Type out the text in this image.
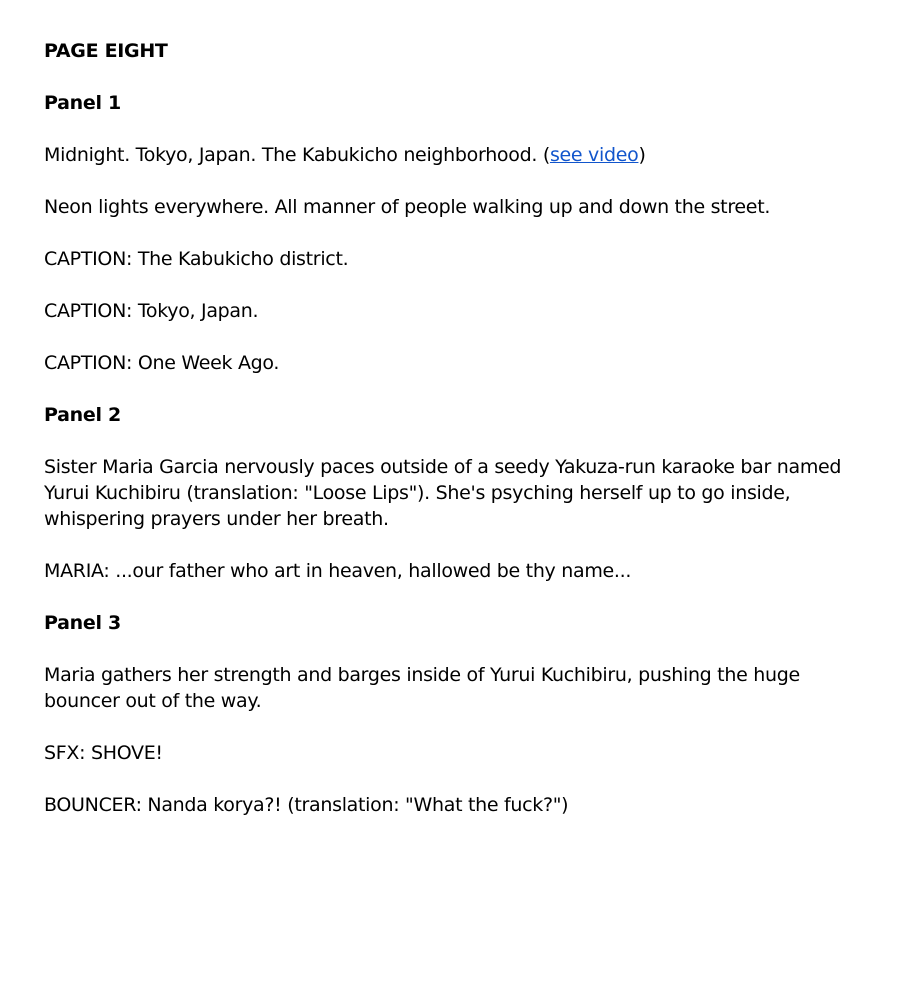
PAGE EIGHT

Panel 1

Midnight. Tokyo, Japan. The Kabukicho neighborhood. (see video)

Neon lights everywhere. All manner of people walking up and down the street.

CAPTION: The Kabukicho district.

CAPTION: Tokyo, Japan.

CAPTION: One Week Ago.

Panel 2

Sister Maria Garcia nervously paces outside of a seedy Yakuza-run karaoke bar named Yurui Kuchibiru (translation: "Loose Lips"). She's psyching herself up to go inside, whispering prayers under her breath.

MARIA: ...our father who art in heaven, hallowed be thy name...

Panel 3

Maria gathers her strength and barges inside of Yurui Kuchibiru, pushing the huge bouncer out of the way.

SFX: SHOVE!

BOUNCER: Nanda korya?! (translation: "What the fuck?")
